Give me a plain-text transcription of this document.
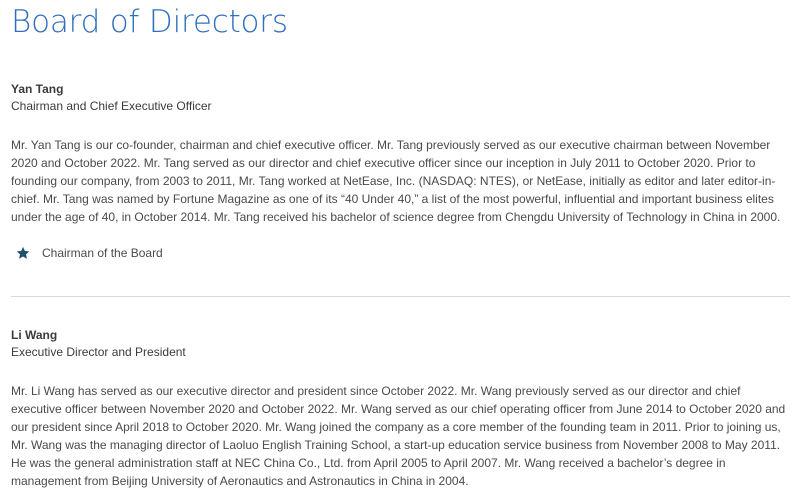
Board of Directors

Yan Tang

Chairman and Chief Executive Officer

Mr. Yan Tang is our co-founder, chairman and chief executive officer. Mr. Tang previously served as our executive chairman between November 2020 and October 2022. Mr. Tang served as our director and chief executive officer since our inception in July 2011 to October 2020. Prior to founding our company, from 2003 to 2011, Mr. Tang worked at NetEase, Inc. (NASDAQ: NTES), or NetEase, initially as editor and later editor-in-chief. Mr. Tang was named by Fortune Magazine as one of its “40 Under 40,” a list of the most powerful, influential and important business elites under the age of 40, in October 2014. Mr. Tang received his bachelor of science degree from Chengdu University of Technology in China in 2000.

Chairman of the Board

Li Wang

Executive Director and President

Mr. Li Wang has served as our executive director and president since October 2022. Mr. Wang previously served as our director and chief executive officer between November 2020 and October 2022. Mr. Wang served as our chief operating officer from June 2014 to October 2020 and our president since April 2018 to October 2020. Mr. Wang joined the company as a core member of the founding team in 2011. Prior to joining us, Mr. Wang was the managing director of Laoluo English Training School, a start-up education service business from November 2008 to May 2011. He was the general administration staff at NEC China Co., Ltd. from April 2005 to April 2007. Mr. Wang received a bachelor’s degree in management from Beijing University of Aeronautics and Astronautics in China in 2004.
